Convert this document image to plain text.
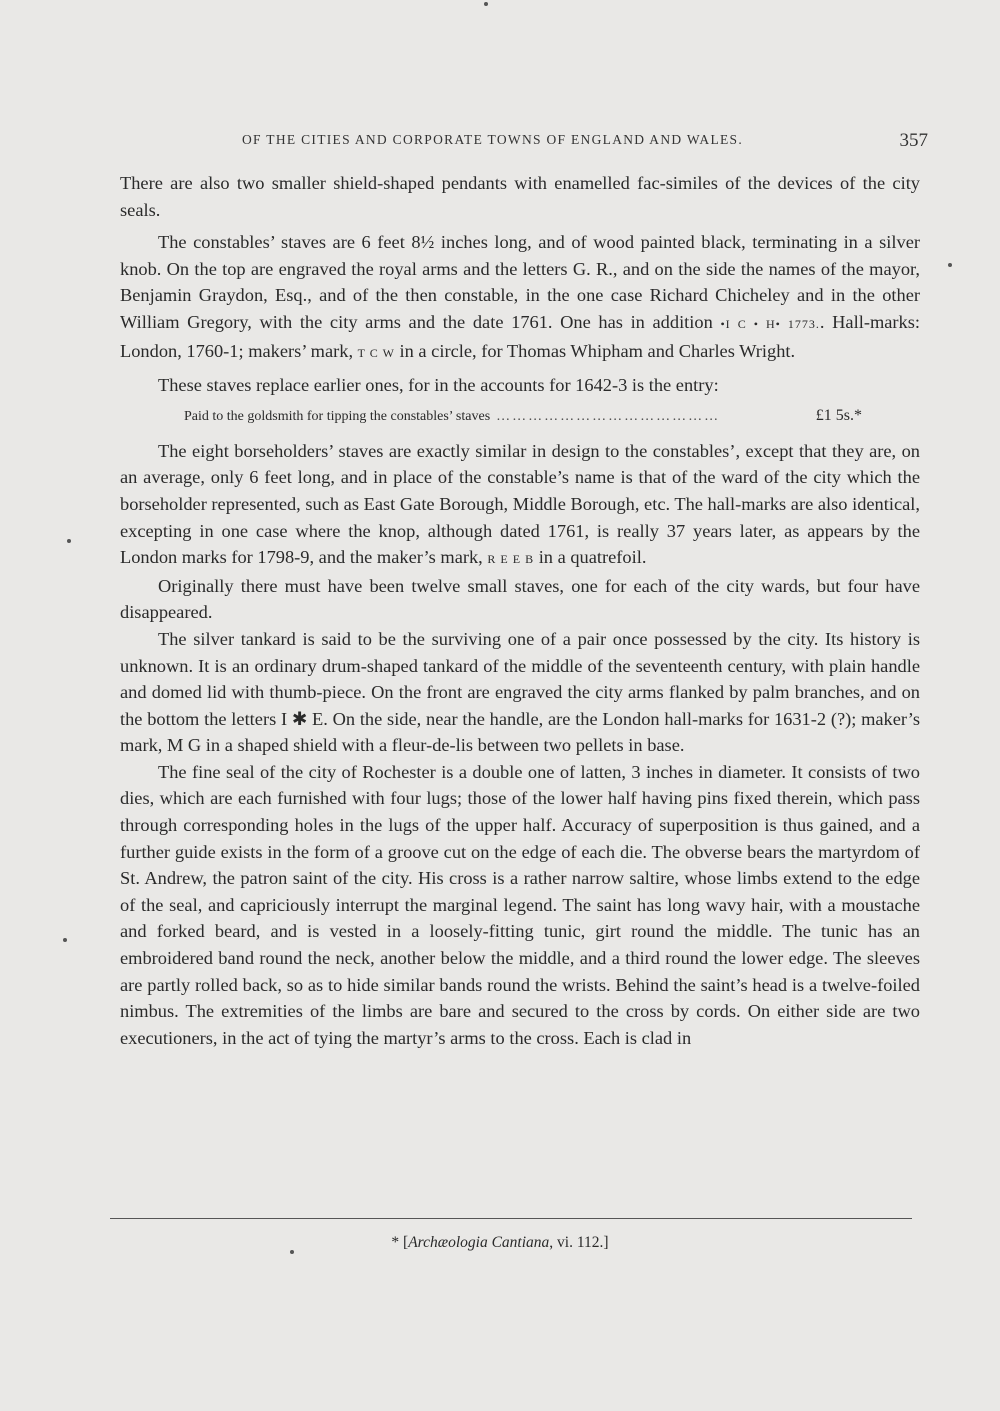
OF THE CITIES AND CORPORATE TOWNS OF ENGLAND AND WALES.	357

There are also two smaller shield-shaped pendants with enamelled fac-similes of the devices of the city seals.

The constables’ staves are 6 feet 8½ inches long, and of wood painted black, terminating in a silver knob. On the top are engraved the royal arms and the letters G. R., and on the side the names of the mayor, Benjamin Graydon, Esq., and of the then constable, in the one case Richard Chicheley and in the other William Gregory, with the city arms and the date 1761. One has in addition •I C • H• 1773.. Hall-marks: London, 1760-1; makers’ mark, T C W in a circle, for Thomas Whipham and Charles Wright.

These staves replace earlier ones, for in the accounts for 1642-3 is the entry:

Paid to the goldsmith for tipping the constables’ staves ……………………………………	£1 5s.*

The eight borseholders’ staves are exactly similar in design to the constables’, except that they are, on an average, only 6 feet long, and in place of the constable’s name is that of the ward of the city which the borseholder represented, such as East Gate Borough, Middle Borough, etc. The hall-marks are also identical, excepting in one case where the knop, although dated 1761, is really 37 years later, as appears by the London marks for 1798-9, and the maker’s mark, R E E B in a quatrefoil.

Originally there must have been twelve small staves, one for each of the city wards, but four have disappeared.

The silver tankard is said to be the surviving one of a pair once possessed by the city. Its history is unknown. It is an ordinary drum-shaped tankard of the middle of the seventeenth century, with plain handle and domed lid with thumb-piece. On the front are engraved the city arms flanked by palm branches, and on the bottom the letters I ✱ E. On the side, near the handle, are the London hall-marks for 1631-2 (?); maker’s mark, M G in a shaped shield with a fleur-de-lis between two pellets in base.

The fine seal of the city of Rochester is a double one of latten, 3 inches in diameter. It consists of two dies, which are each furnished with four lugs; those of the lower half having pins fixed therein, which pass through corresponding holes in the lugs of the upper half. Accuracy of superposition is thus gained, and a further guide exists in the form of a groove cut on the edge of each die. The obverse bears the martyrdom of St. Andrew, the patron saint of the city. His cross is a rather narrow saltire, whose limbs extend to the edge of the seal, and capriciously interrupt the marginal legend. The saint has long wavy hair, with a moustache and forked beard, and is vested in a loosely-fitting tunic, girt round the middle. The tunic has an embroidered band round the neck, another below the middle, and a third round the lower edge. The sleeves are partly rolled back, so as to hide similar bands round the wrists. Behind the saint’s head is a twelve-foiled nimbus. The extremities of the limbs are bare and secured to the cross by cords. On either side are two executioners, in the act of tying the martyr’s arms to the cross. Each is clad in

* [Archæologia Cantiana, vi. 112.]
